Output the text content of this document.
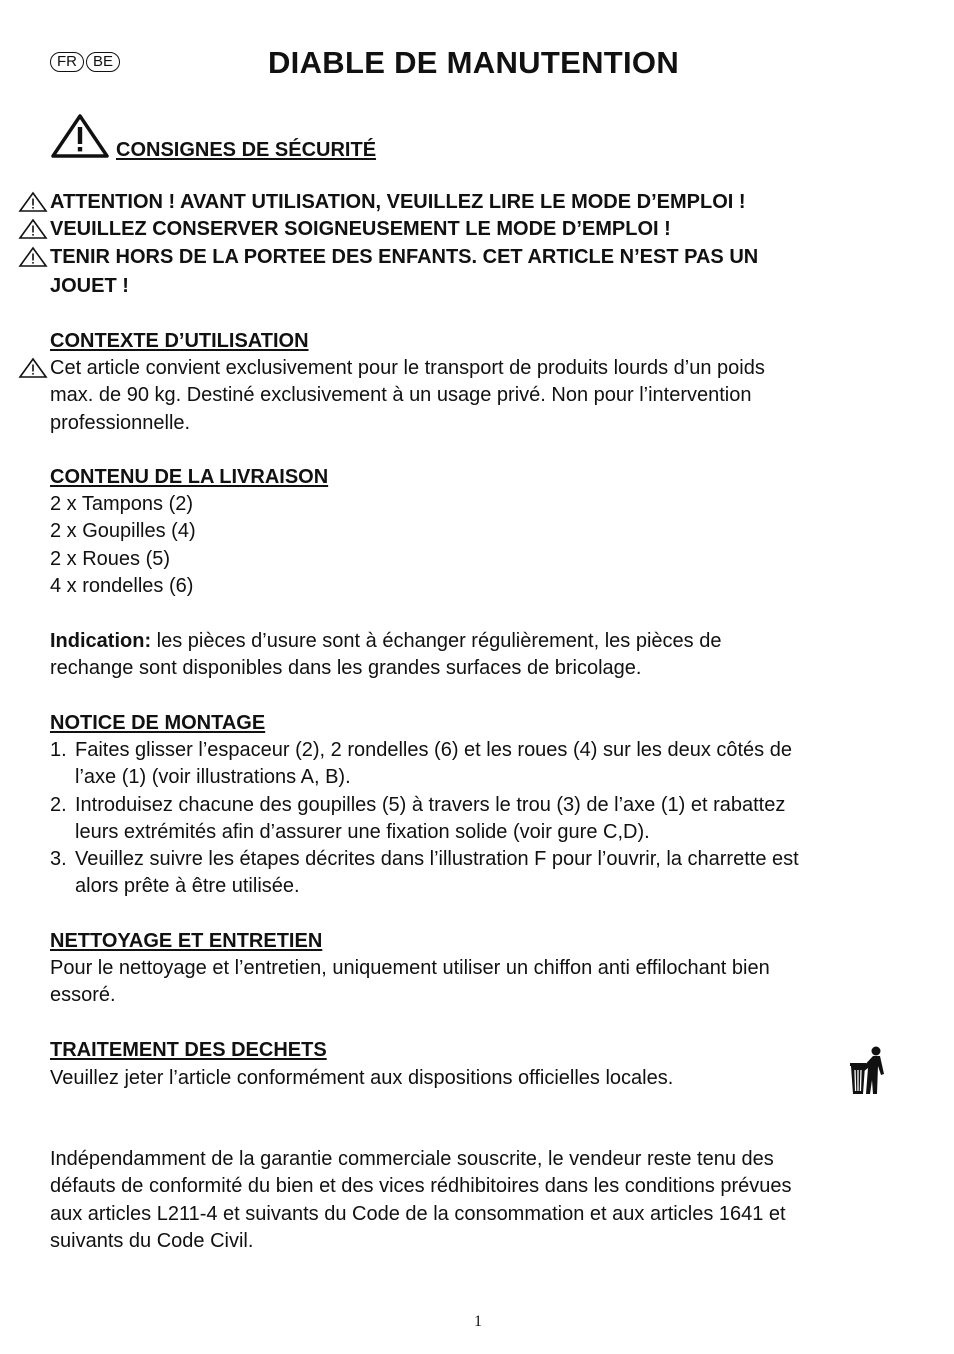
FR BE	DIABLE DE MANUTENTION
CONSIGNES DE SÉCURITÉ
ATTENTION ! AVANT UTILISATION, VEUILLEZ LIRE LE MODE D’EMPLOI !
VEUILLEZ CONSERVER SOIGNEUSEMENT LE MODE D’EMPLOI !
TENIR HORS DE LA PORTEE DES ENFANTS. CET ARTICLE N’EST PAS UN
JOUET !
CONTEXTE D’UTILISATION
Cet article convient exclusivement pour le transport de produits lourds d’un poids
max. de 90 kg. Destiné exclusivement à un usage privé. Non pour l’intervention
professionnelle.
CONTENU DE LA LIVRAISON
2 x Tampons (2)
2 x Goupilles (4)
2 x Roues (5)
4 x rondelles (6)
Indication: les pièces d’usure sont à échanger régulièrement, les pièces de
rechange sont disponibles dans les grandes surfaces de bricolage.
NOTICE DE MONTAGE
1. Faites glisser l’espaceur (2), 2 rondelles (6) et les roues (4) sur les deux côtés de
l’axe (1) (voir illustrations A, B).
2. Introduisez chacune des goupilles (5) à travers le trou (3) de l’axe (1) et rabattez
leurs extrémités afin d’assurer une fixation solide (voir gure C,D).
3. Veuillez suivre les étapes décrites dans l’illustration F pour l’ouvrir, la charrette est
alors prête à être utilisée.
NETTOYAGE ET ENTRETIEN
Pour le nettoyage et l’entretien, uniquement utiliser un chiffon anti effilochant bien
essoré.
TRAITEMENT DES DECHETS
Veuillez jeter l’article conformément aux dispositions officielles locales.
Indépendamment de la garantie commerciale souscrite, le vendeur reste tenu des
défauts de conformité du bien et des vices rédhibitoires dans les conditions prévues
aux articles L211-4 et suivants du Code de la consommation et aux articles 1641 et
suivants du Code Civil.
1
